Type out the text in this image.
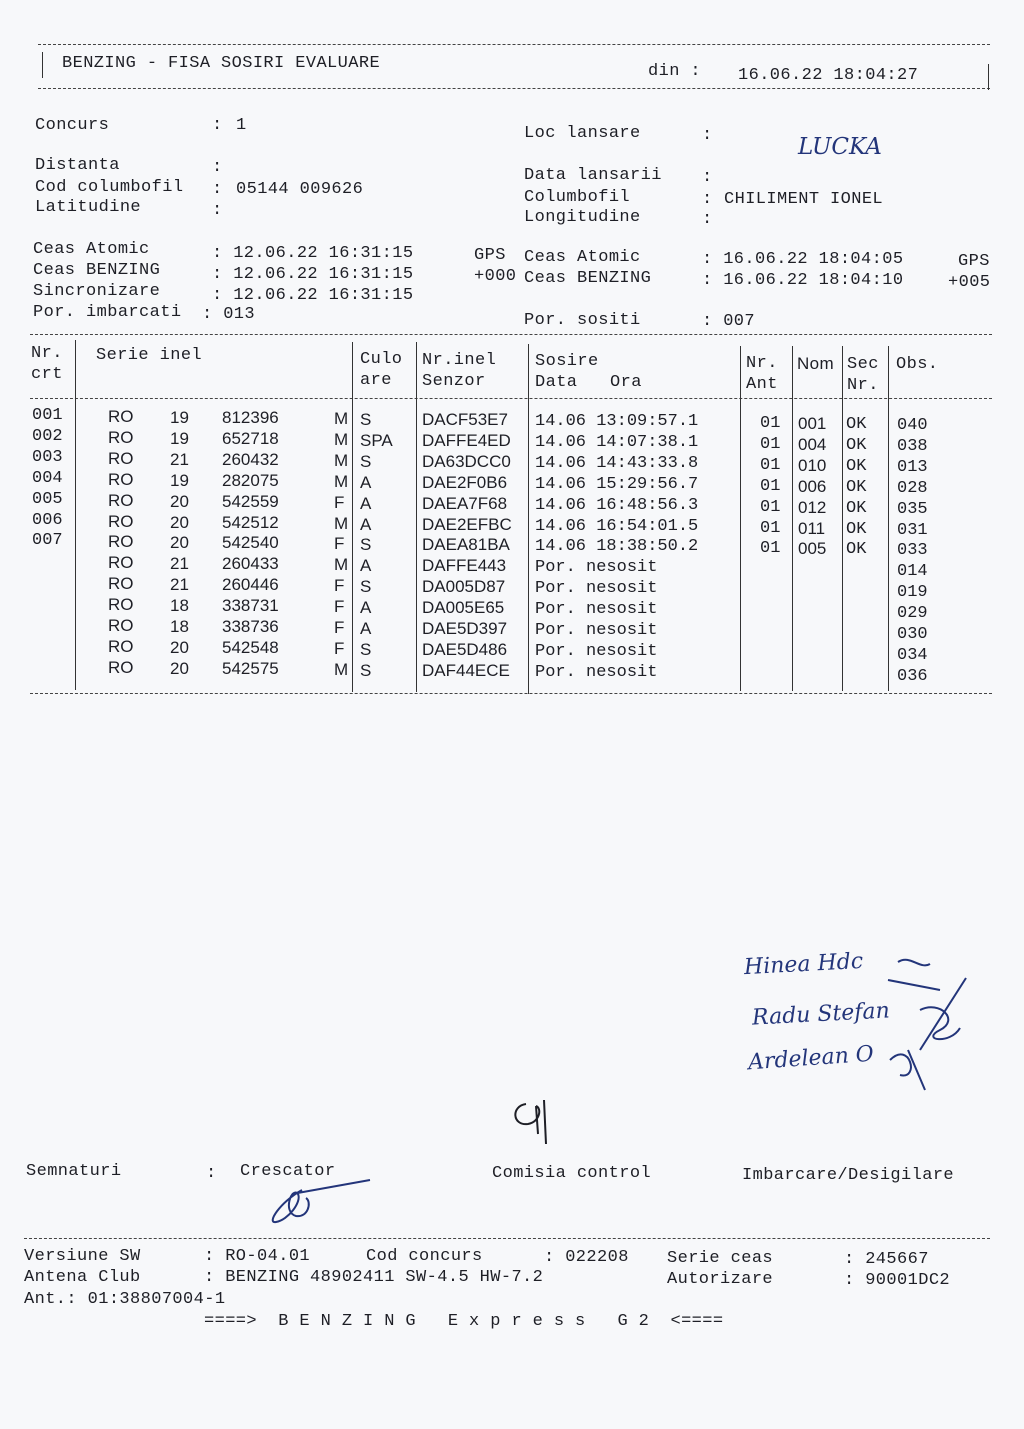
BENZING - FISA SOSIRI EVALUARE	din : 16.06.22 18:04:27
Concurs	: 1
Distanta	:
Cod columbofil : 05144 009626
Latitudine	:
Loc lansare	:	LUCKA
Data lansarii :
Columbofil	: CHILIMENT IONEL
Longitudine	:
Ceas Atomic	: 12.06.22 16:31:15	GPS
Ceas BENZING	: 12.06.22 16:31:15	+000
Sincronizare	: 12.06.22 16:31:15
Por. imbarcati : 013
Ceas Atomic	: 16.06.22 18:04:05	GPS
Ceas BENZING	: 16.06.22 18:04:10	+005
Por. sositi	: 007
Nr.
crt
Serie inel	Culo
are
Nr.inel
Senzor
Sosire
Data Ora
Nr.
Ant
Nom Sec
Nr.
Obs.
001	RO 19 812396	M S	DACF53E7 14.06 13:09:57.1	01 001 OK 040
002	RO 19 652718	M SPA DAFFE4ED 14.06 14:07:38.1	01 004 OK 038
003	RO 21 260432	M S	DA63DCC0 14.06 14:43:33.8	01 010 OK 013
004	RO 19 282075	M A	DAE2F0B6 14.06 15:29:56.7	01 006 OK 028
005	RO 20 542559	F A	DAEA7F68 14.06 16:48:56.3	01 012 OK 035
006	RO 20 542512	M A	DAE2EFBC 14.06 16:54:01.5	01 011 OK 031
007	RO 20 542540	F S	DAEA81BA 14.06 18:38:50.2	01 005 OK 033
RO 21 260433	M A	DAFFE443 Por. nesosit	014
RO 21 260446	F S	DA005D87 Por. nesosit	019
RO 18 338731	F A	DA005E65 Por. nesosit	029
RO 18 338736	F A	DAE5D397 Por. nesosit	030
RO 20 542548	F S	DAE5D486 Por. nesosit	034
RO 20 542575	M S	DAF44ECE Por. nesosit	036
Hinea Hdc
Radu Stefan
Ardelean O
Semnaturi	: Crescator	Comisia control	Imbarcare/Desigilare
Versiune SW	: RO-04.01	Cod concurs	: 022208 Serie ceas	: 245667
Antena Club	: BENZING 48902411 SW-4.5 HW-7.2	Autorizare	: 90001DC2
Ant.: 01:38807004-1
====>  B E N Z I N G   E x p r e s s   G 2  <====
